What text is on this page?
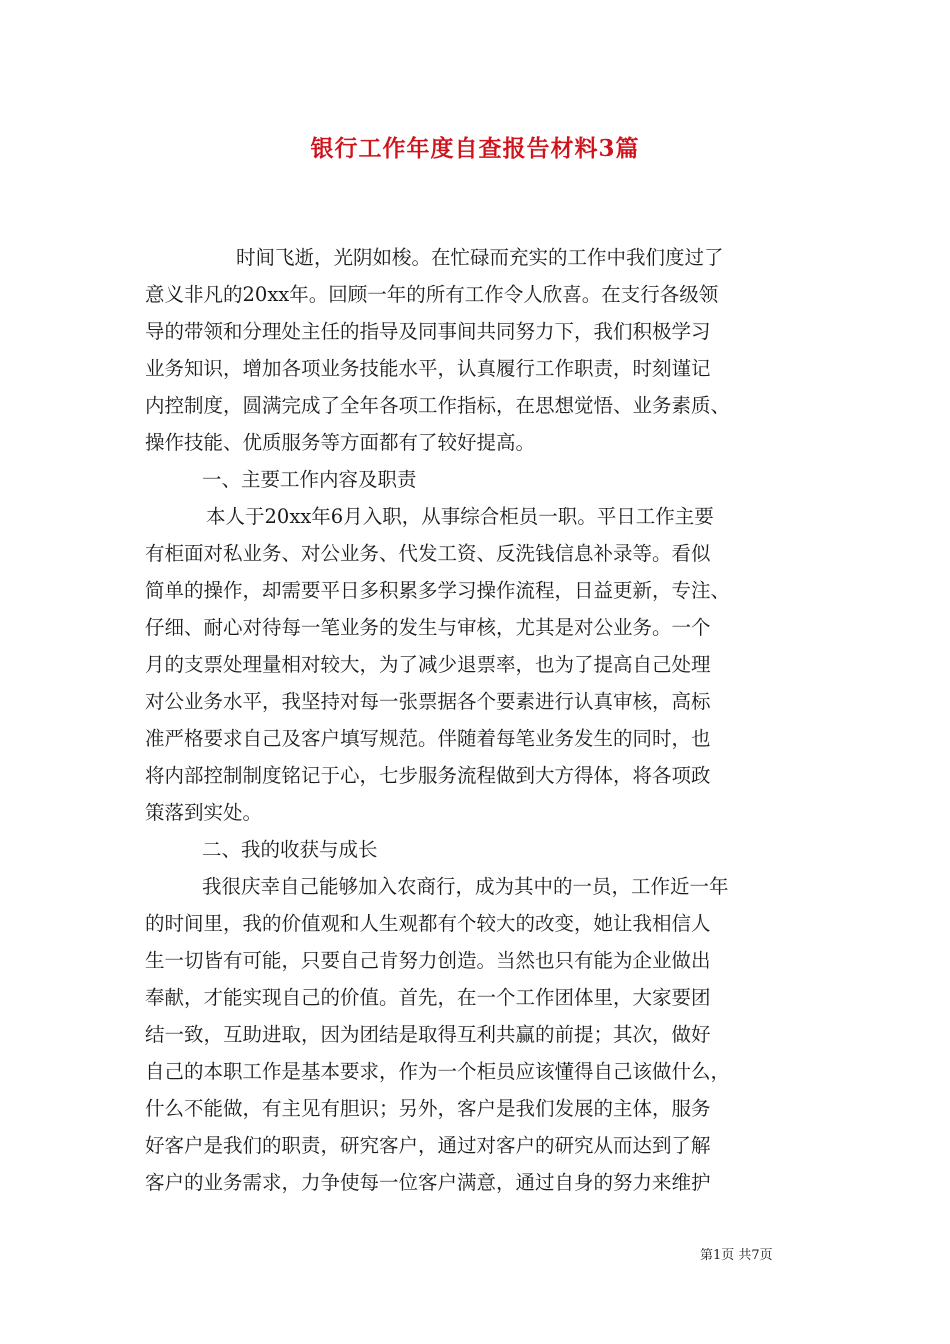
银行工作年度自查报告材料3篇
时间飞逝，光阴如梭。在忙碌而充实的工作中我们度过了
意义非凡的20xx年。回顾一年的所有工作令人欣喜。在支行各级领
导的带领和分理处主任的指导及同事间共同努力下，我们积极学习
业务知识，增加各项业务技能水平，认真履行工作职责，时刻谨记
内控制度，圆满完成了全年各项工作指标，在思想觉悟、业务素质、
操作技能、优质服务等方面都有了较好提高。
一、主要工作内容及职责
本人于20xx年6月入职，从事综合柜员一职。平日工作主要
有柜面对私业务、对公业务、代发工资、反洗钱信息补录等。看似
简单的操作，却需要平日多积累多学习操作流程，日益更新，专注、
仔细、耐心对待每一笔业务的发生与审核，尤其是对公业务。一个
月的支票处理量相对较大，为了减少退票率，也为了提高自己处理
对公业务水平，我坚持对每一张票据各个要素进行认真审核，高标
准严格要求自己及客户填写规范。伴随着每笔业务发生的同时，也
将内部控制制度铭记于心，七步服务流程做到大方得体，将各项政
策落到实处。
二、我的收获与成长
我很庆幸自己能够加入农商行，成为其中的一员，工作近一年
的时间里，我的价值观和人生观都有个较大的改变，她让我相信人
生一切皆有可能，只要自己肯努力创造。当然也只有能为企业做出
奉献，才能实现自己的价值。首先，在一个工作团体里，大家要团
结一致，互助进取，因为团结是取得互利共赢的前提；其次，做好
自己的本职工作是基本要求，作为一个柜员应该懂得自己该做什么，
什么不能做，有主见有胆识；另外，客户是我们发展的主体，服务
好客户是我们的职责，研究客户，通过对客户的研究从而达到了解
客户的业务需求，力争使每一位客户满意，通过自身的努力来维护
第1页 共7页
